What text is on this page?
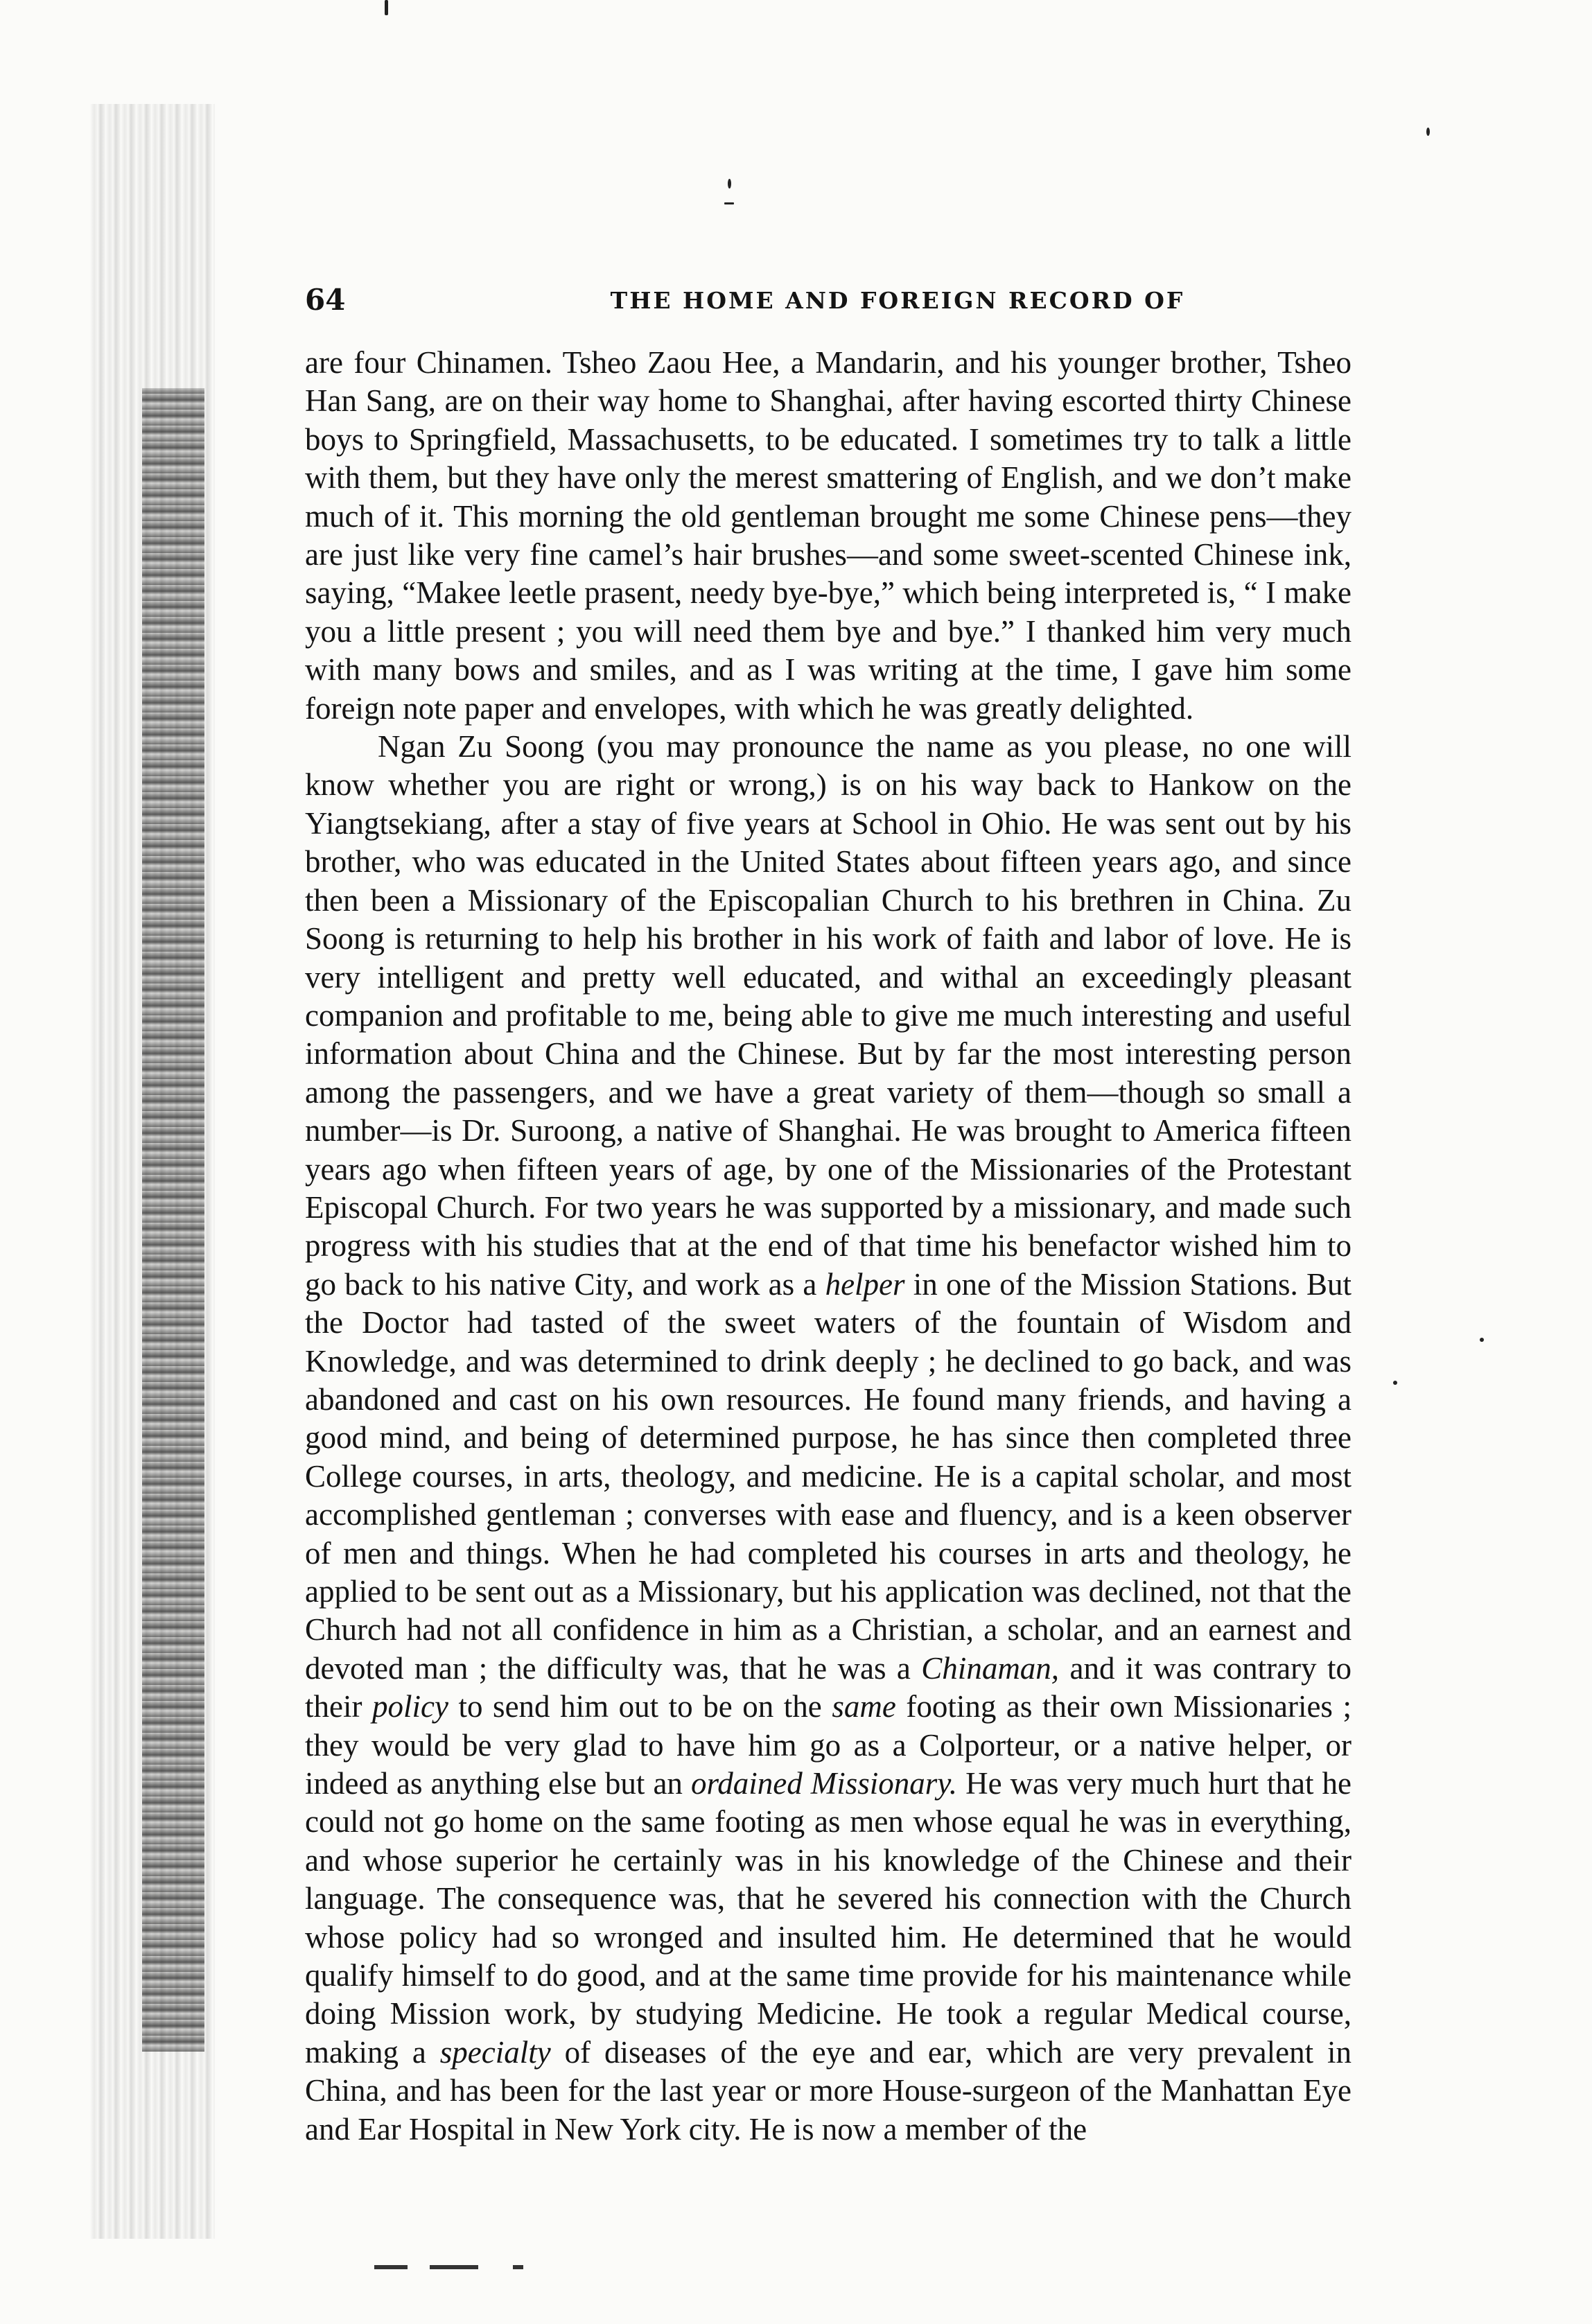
64	THE HOME AND FOREIGN RECORD OF

are four Chinamen. Tsheo Zaou Hee, a Mandarin, and his younger brother, Tsheo Han Sang, are on their way home to Shanghai, after having escorted thirty Chinese boys to Springfield, Massachusetts, to be educated. I sometimes try to talk a little with them, but they have only the merest smattering of English, and we don’t make much of it. This morning the old gentleman brought me some Chinese pens—they are just like very fine camel’s hair brushes—and some sweet-scented Chinese ink, saying, “Makee leetle prasent, needy bye-bye,” which being interpreted is, “ I make you a little present ; you will need them bye and bye.” I thanked him very much with many bows and smiles, and as I was writing at the time, I gave him some foreign note paper and envelopes, with which he was greatly delighted.

Ngan Zu Soong (you may pronounce the name as you please, no one will know whether you are right or wrong,) is on his way back to Hankow on the Yiangtsekiang, after a stay of five years at School in Ohio. He was sent out by his brother, who was educated in the United States about fifteen years ago, and since then been a Missionary of the Episcopalian Church to his brethren in China. Zu Soong is returning to help his brother in his work of faith and labor of love. He is very intelligent and pretty well educated, and withal an exceedingly pleasant companion and profitable to me, being able to give me much interesting and useful information about China and the Chinese. But by far the most interesting person among the passengers, and we have a great variety of them—though so small a number—is Dr. Suroong, a native of Shanghai. He was brought to America fifteen years ago when fifteen years of age, by one of the Missionaries of the Protestant Episcopal Church. For two years he was supported by a missionary, and made such progress with his studies that at the end of that time his benefactor wished him to go back to his native City, and work as a helper in one of the Mission Stations. But the Doctor had tasted of the sweet waters of the fountain of Wisdom and Knowledge, and was determined to drink deeply ; he declined to go back, and was abandoned and cast on his own resources. He found many friends, and having a good mind, and being of determined purpose, he has since then completed three College courses, in arts, theology, and medicine. He is a capital scholar, and most accomplished gentleman ; converses with ease and fluency, and is a keen observer of men and things. When he had completed his courses in arts and theology, he applied to be sent out as a Missionary, but his application was declined, not that the Church had not all confidence in him as a Christian, a scholar, and an earnest and devoted man ; the difficulty was, that he was a Chinaman, and it was contrary to their policy to send him out to be on the same footing as their own Missionaries ; they would be very glad to have him go as a Colporteur, or a native helper, or indeed as anything else but an ordained Missionary. He was very much hurt that he could not go home on the same footing as men whose equal he was in everything, and whose superior he certainly was in his knowledge of the Chinese and their language. The consequence was, that he severed his connection with the Church whose policy had so wronged and insulted him. He determined that he would qualify himself to do good, and at the same time provide for his maintenance while doing Mission work, by studying Medicine. He took a regular Medical course, making a specialty of diseases of the eye and ear, which are very prevalent in China, and has been for the last year or more House-surgeon of the Manhattan Eye and Ear Hospital in New York city. He is now a member of the
